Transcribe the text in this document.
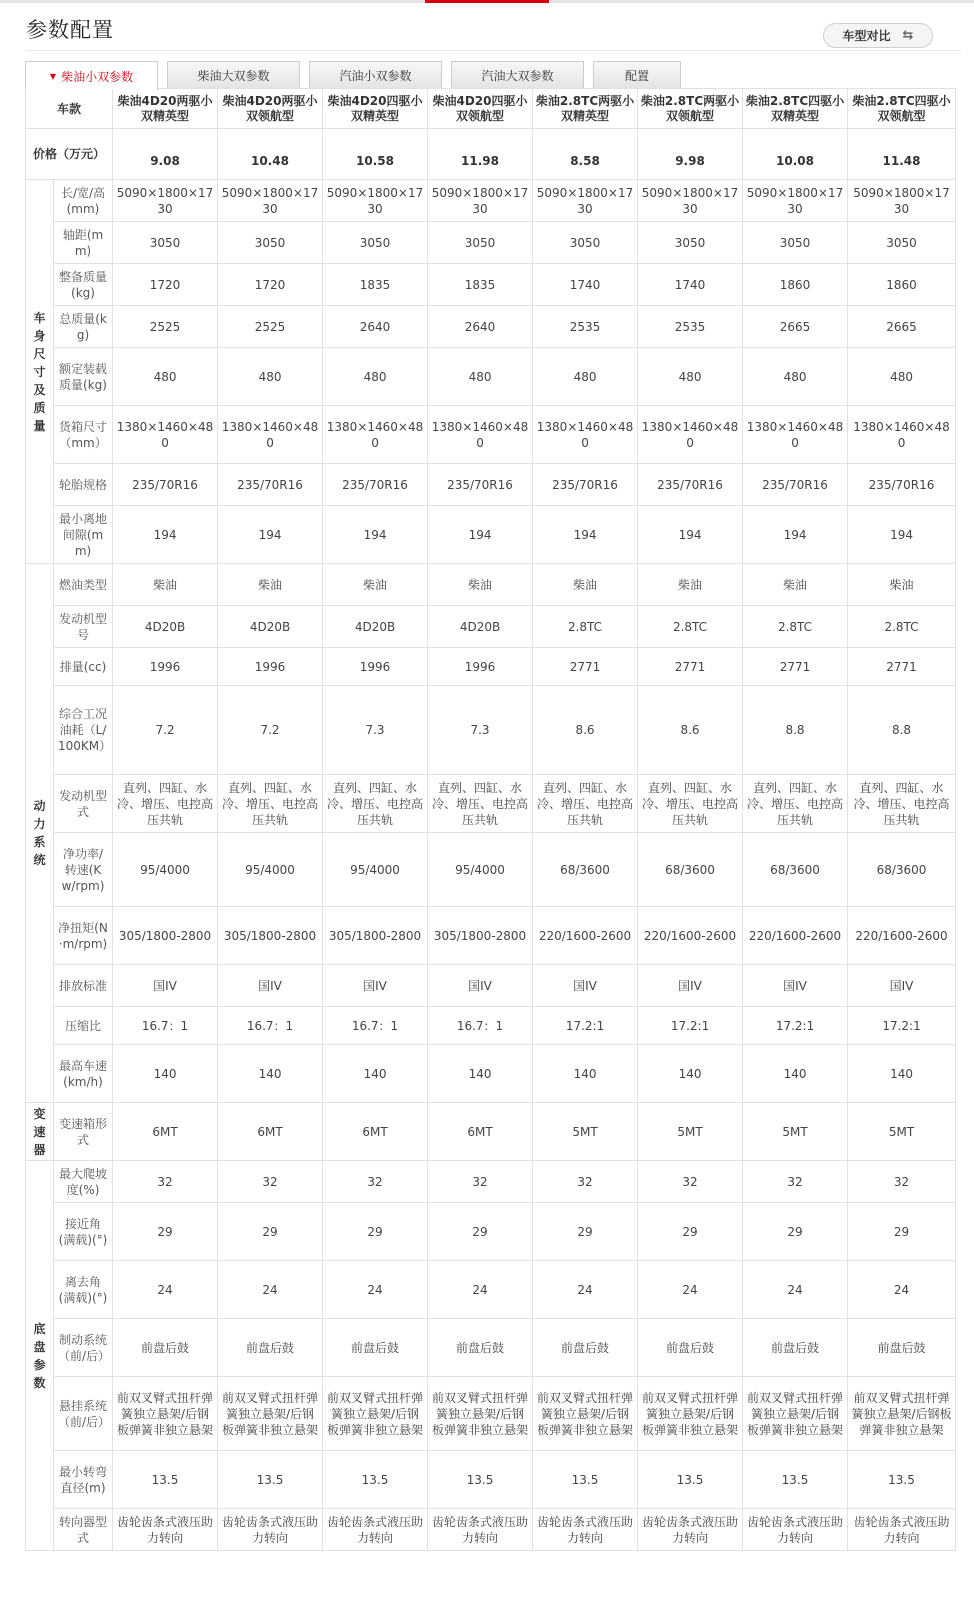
参数配置	车型对比 ⇆
▼ 柴油小双参数	柴油大双参数	汽油小双参数	汽油大双参数	配置
车款		柴油4D20两驱小双精英型	柴油4D20两驱小双领航型	柴油4D20四驱小双精英型	柴油4D20四驱小双领航型	柴油2.8TC两驱小双精英型	柴油2.8TC两驱小双领航型	柴油2.8TC四驱小双精英型	柴油2.8TC四驱小双领航型
价格（万元）		9.08	10.48	10.58	11.98	8.58	9.98	10.08	11.48
车身尺寸及质量	长/宽/高(mm)	5090×1800×1730	5090×1800×1730	5090×1800×1730	5090×1800×1730	5090×1800×1730	5090×1800×1730	5090×1800×1730	5090×1800×1730
	轴距(mm)	3050	3050	3050	3050	3050	3050	3050	3050
	整备质量(kg)	1720	1720	1835	1835	1740	1740	1860	1860
	总质量(kg)	2525	2525	2640	2640	2535	2535	2665	2665
	额定装载质量(kg)	480	480	480	480	480	480	480	480
	货箱尺寸（mm）	1380×1460×480	1380×1460×480	1380×1460×480	1380×1460×480	1380×1460×480	1380×1460×480	1380×1460×480	1380×1460×480
	轮胎规格	235/70R16	235/70R16	235/70R16	235/70R16	235/70R16	235/70R16	235/70R16	235/70R16
	最小离地间隙(mm)	194	194	194	194	194	194	194	194
动力系统	燃油类型	柴油	柴油	柴油	柴油	柴油	柴油	柴油	柴油
	发动机型号	4D20B	4D20B	4D20B	4D20B	2.8TC	2.8TC	2.8TC	2.8TC
	排量(cc)	1996	1996	1996	1996	2771	2771	2771	2771
	综合工况油耗（L/100KM）	7.2	7.2	7.3	7.3	8.6	8.6	8.8	8.8
	发动机型式	直列、四缸、水冷、增压、电控高压共轨	直列、四缸、水冷、增压、电控高压共轨	直列、四缸、水冷、增压、电控高压共轨	直列、四缸、水冷、增压、电控高压共轨	直列、四缸、水冷、增压、电控高压共轨	直列、四缸、水冷、增压、电控高压共轨	直列、四缸、水冷、增压、电控高压共轨	直列、四缸、水冷、增压、电控高压共轨
	净功率/转速(Kw/rpm)	95/4000	95/4000	95/4000	95/4000	68/3600	68/3600	68/3600	68/3600
	净扭矩(N·m/rpm)	305/1800-2800	305/1800-2800	305/1800-2800	305/1800-2800	220/1600-2600	220/1600-2600	220/1600-2600	220/1600-2600
	排放标准	国IV	国IV	国IV	国IV	国IV	国IV	国IV	国IV
	压缩比	16.7：1	16.7：1	16.7：1	16.7：1	17.2:1	17.2:1	17.2:1	17.2:1
	最高车速(km/h)	140	140	140	140	140	140	140	140
变速器	变速箱形式	6MT	6MT	6MT	6MT	5MT	5MT	5MT	5MT
底盘参数	最大爬坡度(%)	32	32	32	32	32	32	32	32
	接近角(满载)(°)	29	29	29	29	29	29	29	29
	离去角(满载)(°)	24	24	24	24	24	24	24	24
	制动系统（前/后）	前盘后鼓	前盘后鼓	前盘后鼓	前盘后鼓	前盘后鼓	前盘后鼓	前盘后鼓	前盘后鼓
	悬挂系统（前/后）	前双叉臂式扭杆弹簧独立悬架/后钢板弹簧非独立悬架	前双叉臂式扭杆弹簧独立悬架/后钢板弹簧非独立悬架	前双叉臂式扭杆弹簧独立悬架/后钢板弹簧非独立悬架	前双叉臂式扭杆弹簧独立悬架/后钢板弹簧非独立悬架	前双叉臂式扭杆弹簧独立悬架/后钢板弹簧非独立悬架	前双叉臂式扭杆弹簧独立悬架/后钢板弹簧非独立悬架	前双叉臂式扭杆弹簧独立悬架/后钢板弹簧非独立悬架	前双叉臂式扭杆弹簧独立悬架/后钢板弹簧非独立悬架
	最小转弯直径(m)	13.5	13.5	13.5	13.5	13.5	13.5	13.5	13.5
	转向器型式	齿轮齿条式液压助力转向	齿轮齿条式液压助力转向	齿轮齿条式液压助力转向	齿轮齿条式液压助力转向	齿轮齿条式液压助力转向	齿轮齿条式液压助力转向	齿轮齿条式液压助力转向	齿轮齿条式液压助力转向
